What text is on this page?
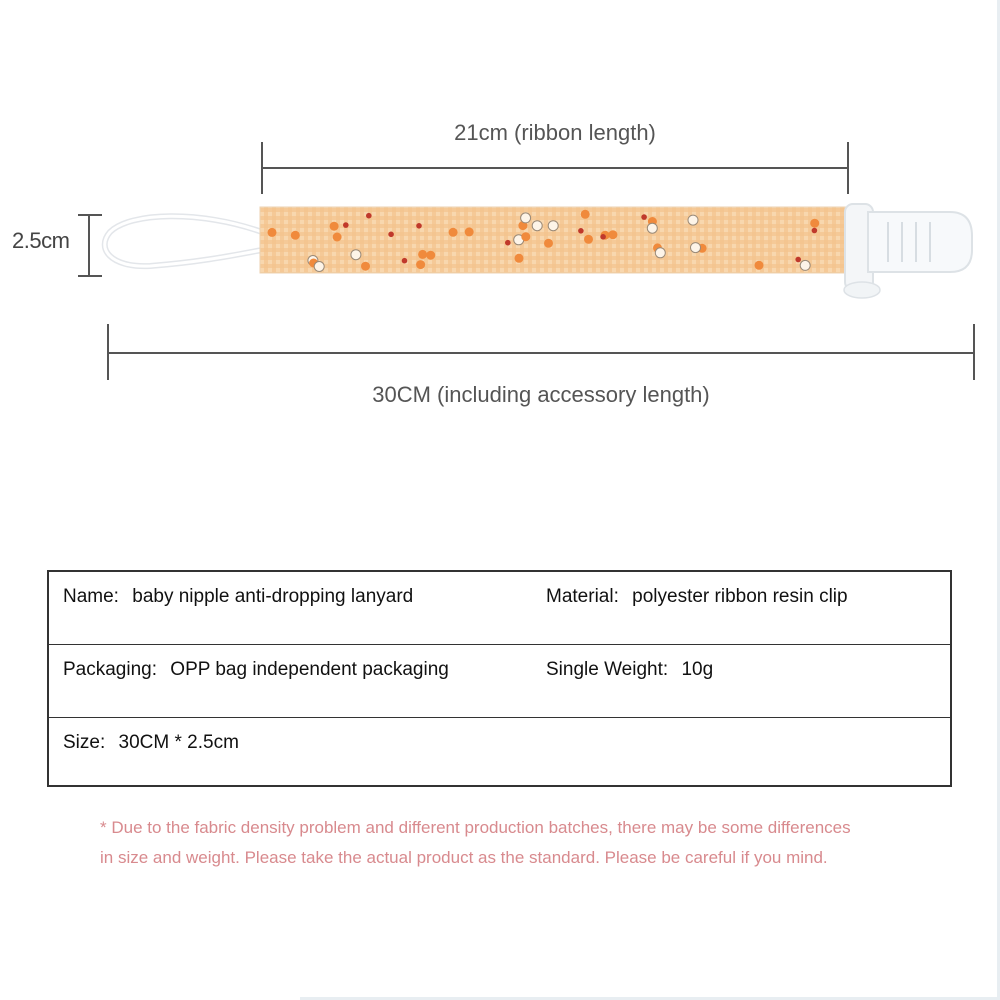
21cm (ribbon length)
2.5cm
30CM (including accessory length)
Name: baby nipple anti-dropping lanyard	Material: polyester ribbon resin clip
Packaging: OPP bag independent packaging	Single Weight: 10g
Size: 30CM * 2.5cm	
* Due to the fabric density problem and different production batches, there may be some differences
in size and weight. Please take the actual product as the standard. Please be careful if you mind.
